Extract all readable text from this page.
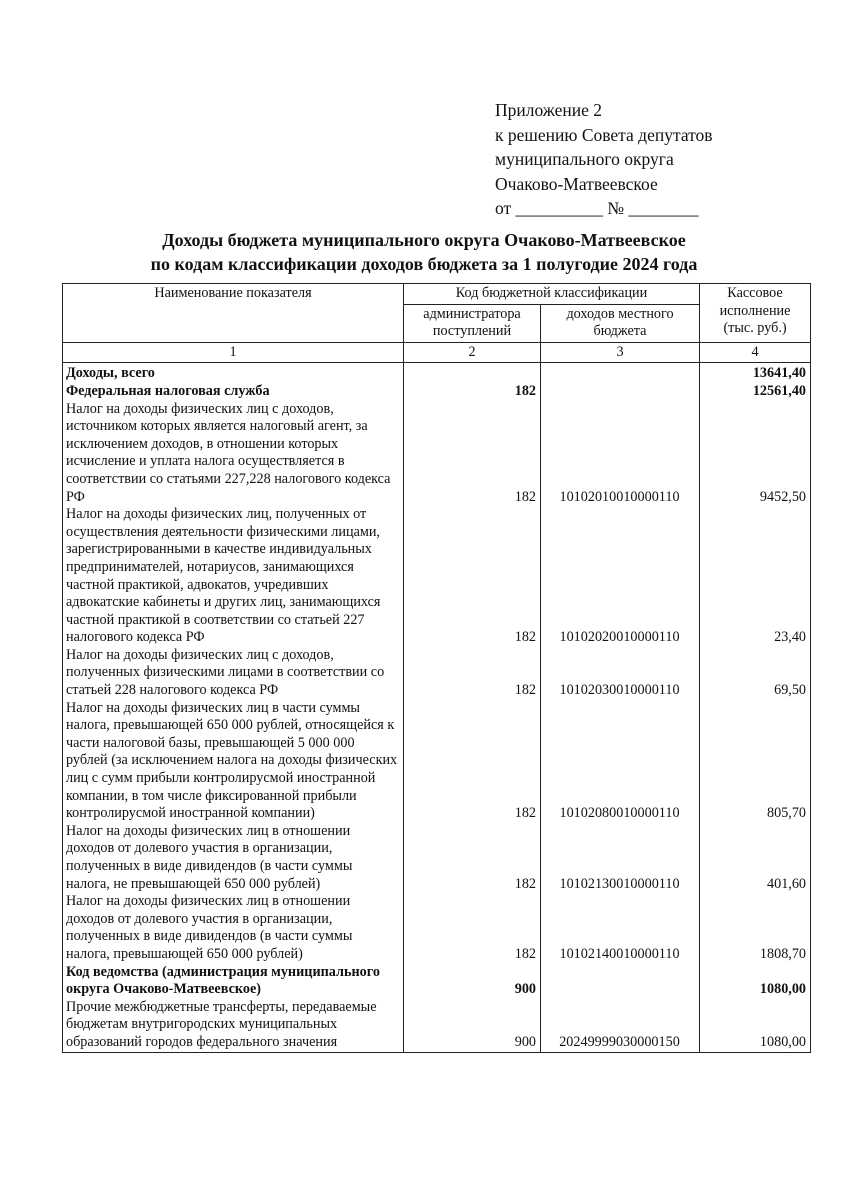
Приложение 2
к решению Совета депутатов
муниципального округа
Очаково-Матвеевское
от __________ № ________
Доходы бюджета муниципального округа Очаково-Матвеевское
по кодам классификации доходов бюджета за 1 полугодие 2024 года
Наименование показателя	Код бюджетной классификации		Кассовое исполнение (тыс. руб.)
	администратора поступлений	доходов местного бюджета	
1	2	3	4
Доходы, всего			13641,40
Федеральная налоговая служба	182		12561,40
Налог на доходы физических лиц с доходов, источником которых является налоговый агент, за исключением доходов, в отношении которых исчисление и уплата налога осуществляется в соответствии со статьями 227,228 налогового кодекса РФ	182	10102010010000110	9452,50
Налог на доходы физических лиц, полученных от осуществления деятельности физическими лицами, зарегистрированными в качестве индивидуальных предпринимателей, нотариусов, занимающихся частной практикой, адвокатов, учредивших адвокатские кабинеты и других лиц, занимающихся частной практикой в соответствии со статьей 227 налогового кодекса РФ	182	10102020010000110	23,40
Налог на доходы физических лиц с доходов, полученных физическими лицами в соответствии со статьей 228 налогового кодекса РФ	182	10102030010000110	69,50
Налог на доходы физических лиц в части суммы налога, превышающей 650 000 рублей, относящейся к части налоговой базы, превышающей 5 000 000 рублей (за исключением налога на доходы физических лиц с сумм прибыли контролирусмой иностранной компании, в том числе фиксированной прибыли контролирусмой иностранной компании)	182	10102080010000110	805,70
Налог на доходы физических лиц в отношении доходов от долевого участия в организации, полученных в виде дивидендов (в части суммы налога, не превышающей 650 000 рублей)	182	10102130010000110	401,60
Налог на доходы физических лиц в отношении доходов от долевого участия в организации, полученных в виде дивидендов (в части суммы налога, превышающей 650 000 рублей)	182	10102140010000110	1808,70
Код ведомства (администрация муниципального округа Очаково-Матвеевское)	900		1080,00
Прочие межбюджетные трансферты, передаваемые бюджетам внутригородских муниципальных образований городов федерального значения	900	20249999030000150	1080,00
